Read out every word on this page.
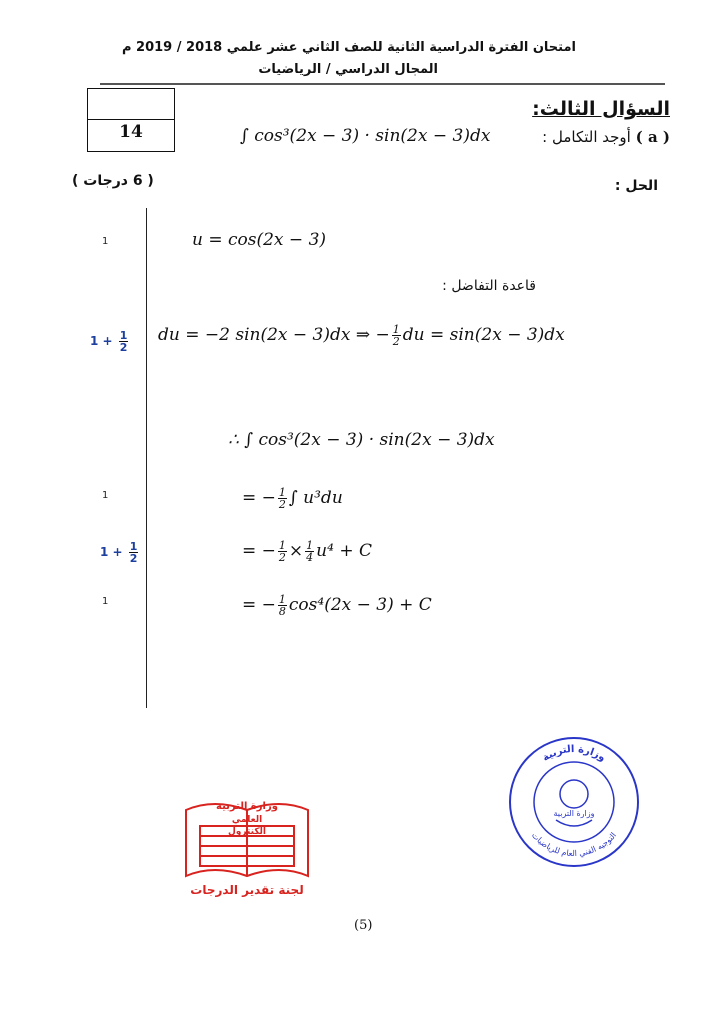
امتحان الفترة الدراسية الثانية للصف الثاني عشر علمي 2018 / 2019 م
المجال الدراسي / الرياضيات
14
السؤال الثالث:
( a ) أوجد التكامل :
∫ cos³(2x − 3) · sin(2x − 3)dx
( 6 درجات )	الحل :
1
$1 + \frac{1}{2}$
1
$1 + \frac{1}{2}$
1
u = cos(2x − 3)
قاعدة التفاضل :
du = −2 sin(2x − 3)dx ⇒ − $\frac{1}{2}$ du = sin(2x − 3)dx
∴ ∫ cos³(2x − 3) · sin(2x − 3)dx
= − $\frac{1}{2}$ ∫ u³du
= − $\frac{1}{2} \times \frac{1}{4} u^4 + C$
= − $\frac{1}{8} \cos^4(2x - 3) + C$
وزارة التربية
العلمي
الكنترول
لجنة تقدير الدرجات
وزارة التربية
وزارة التربية
التوجيه الفني العام للرياضيات
(5)
